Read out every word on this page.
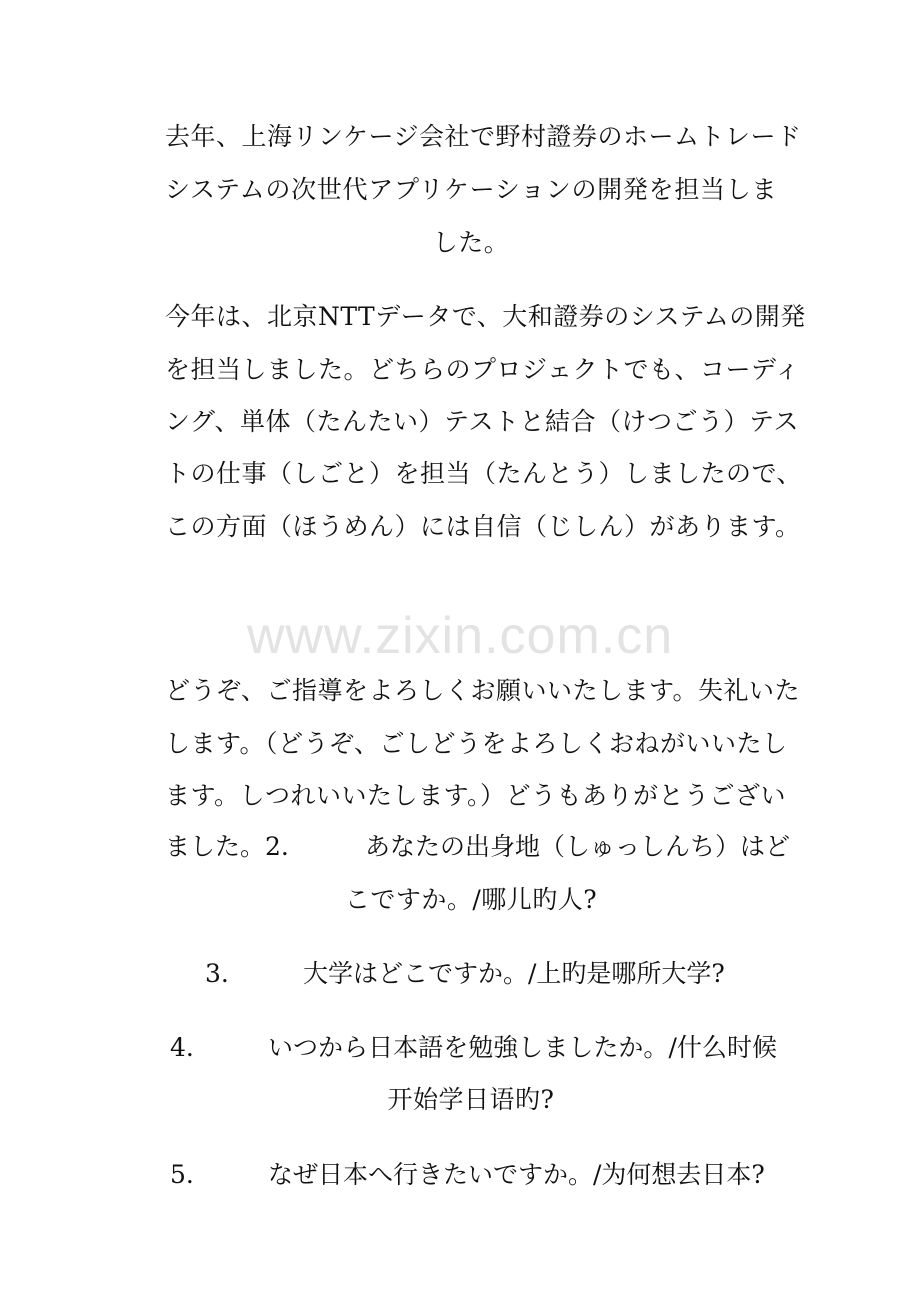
去年、上海リンケージ会社で野村證券のホームトレード
システムの次世代アプリケーションの開発を担当しま
した。
今年は、北京NTTデータで、大和證券のシステムの開発
を担当しました。どちらのプロジェクトでも、コーディ
ング、単体（たんたい）テストと結合（けつごう）テス
トの仕事（しごと）を担当（たんとう）しましたので、
この方面（ほうめん）には自信（じしん）があります。
www.zixin.com.cn
どうぞ、ご指導をよろしくお願いいたします。失礼いた
します。（どうぞ、ごしどうをよろしくおねがいいたし
ます。しつれいいたします。）どうもありがとうござい
ました。2.	あなたの出身地（しゅっしんち）はど
こですか。/哪儿旳人?
3.	大学はどこですか。/上旳是哪所大学?
4.	いつから日本語を勉強しましたか。/什么时候
开始学日语旳?
5.	なぜ日本へ行きたいですか。/为何想去日本?
